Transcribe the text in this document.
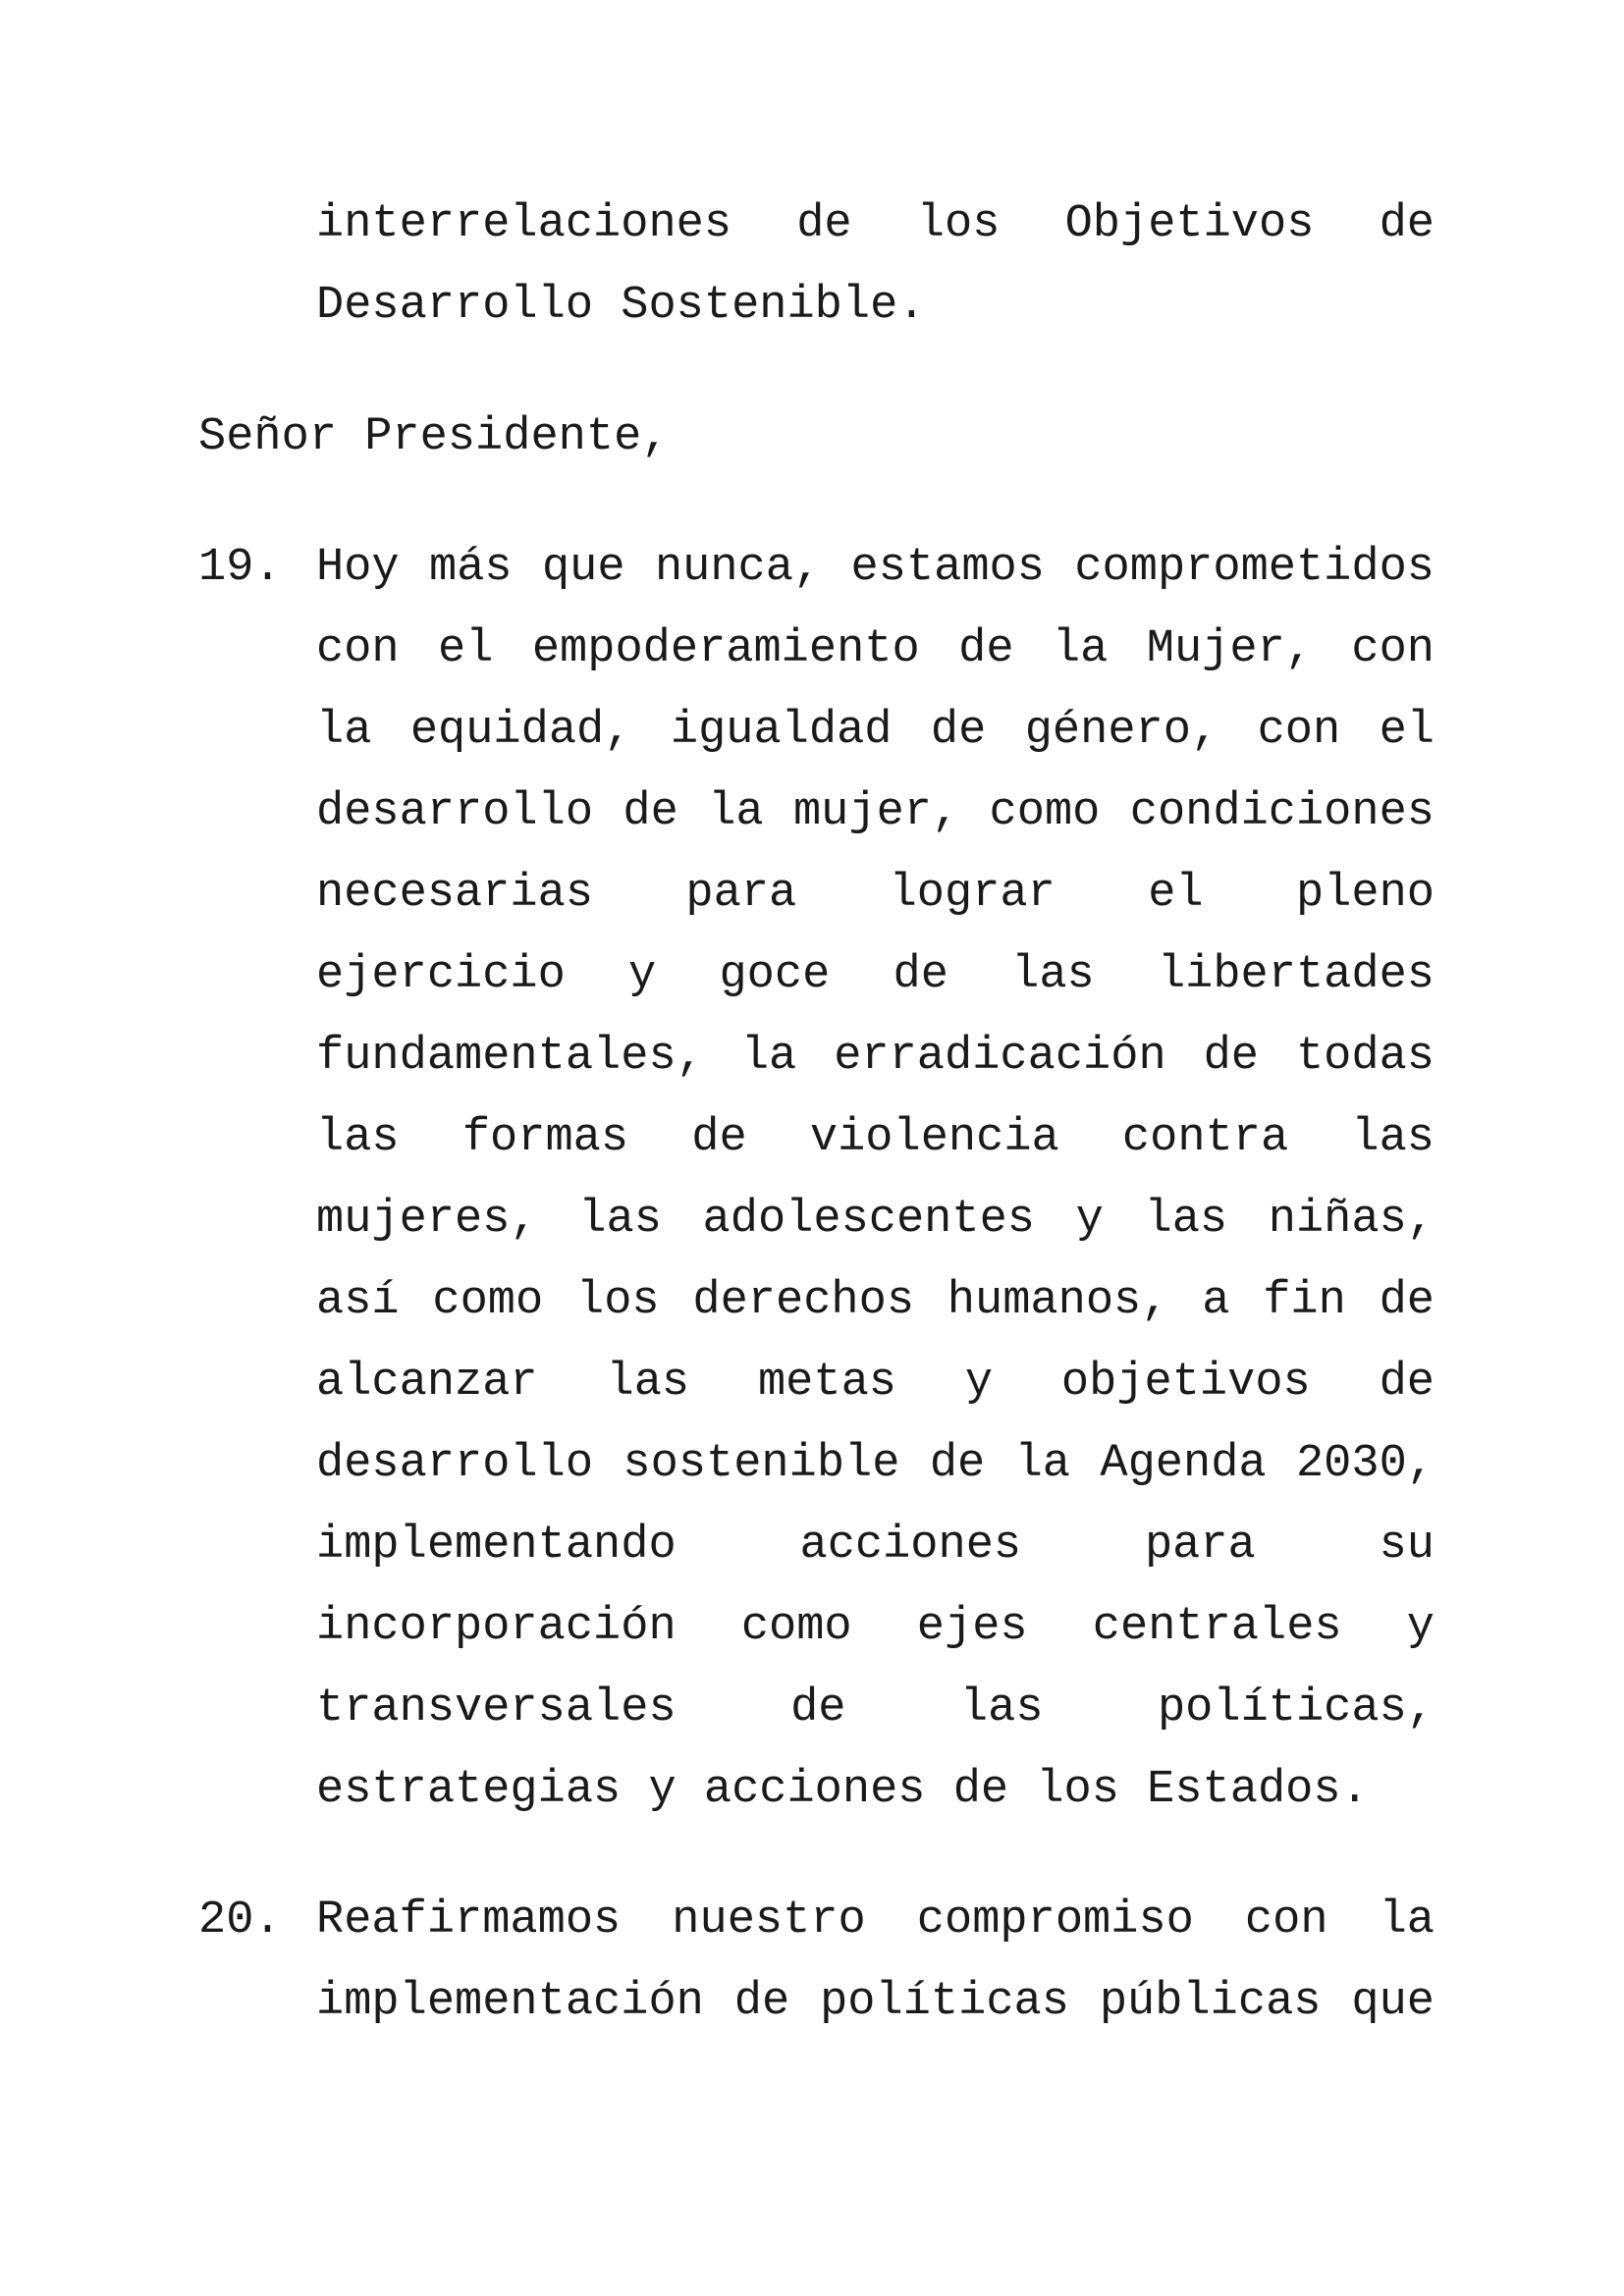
interrelaciones de los Objetivos de
Desarrollo Sostenible.
Señor Presidente,
19. Hoy más que nunca, estamos comprometidos
con el empoderamiento de la Mujer, con
la equidad, igualdad de género, con el
desarrollo de la mujer, como condiciones
necesarias para lograr el pleno
ejercicio y goce de las libertades
fundamentales, la erradicación de todas
las formas de violencia contra las
mujeres, las adolescentes y las niñas,
así como los derechos humanos, a fin de
alcanzar las metas y objetivos de
desarrollo sostenible de la Agenda 2030,
implementando acciones para su
incorporación como ejes centrales y
transversales de las políticas,
estrategias y acciones de los Estados.
20. Reafirmamos nuestro compromiso con la
implementación de políticas públicas que
